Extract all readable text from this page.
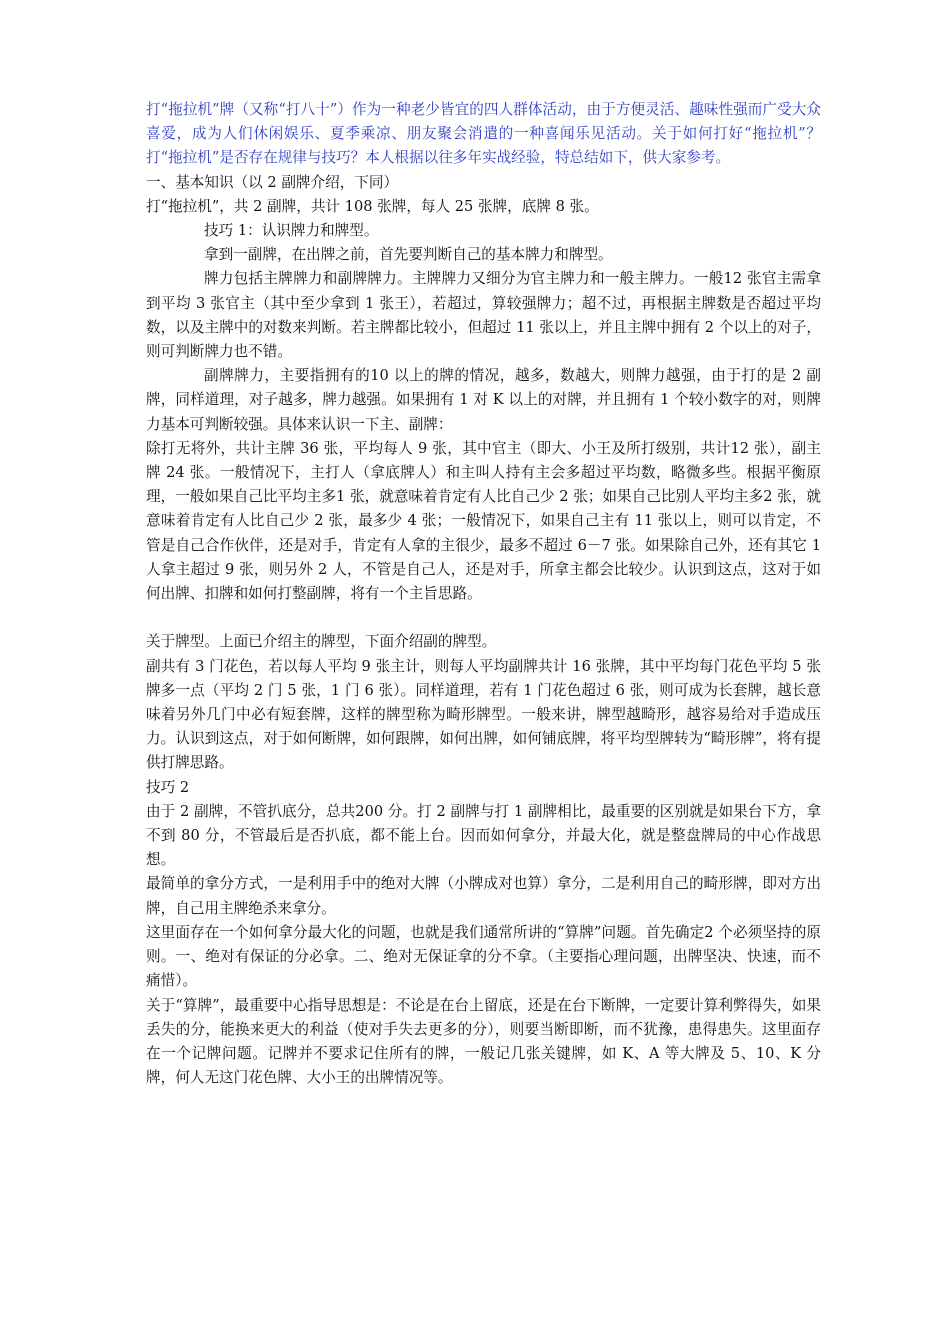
打“拖拉机”牌（又称“打八十”）作为一种老少皆宜的四人群体活动，由于方便灵活、趣味性强而广受大众喜爱，成为人们休闲娱乐、夏季乘凉、朋友聚会消遣的一种喜闻乐见活动。关于如何打好“拖拉机”？打“拖拉机”是否存在规律与技巧？本人根据以往多年实战经验，特总结如下，供大家参考。

一、基本知识（以 2 副牌介绍，下同）

打“拖拉机”，共 2 副牌，共计 108 张牌，每人 25 张牌，底牌 8 张。

技巧 1：认识牌力和牌型。

拿到一副牌，在出牌之前，首先要判断自己的基本牌力和牌型。

牌力包括主牌牌力和副牌牌力。主牌牌力又细分为官主牌力和一般主牌力。一般12 张官主需拿到平均 3 张官主（其中至少拿到 1 张王），若超过，算较强牌力；超不过，再根据主牌数是否超过平均数，以及主牌中的对数来判断。若主牌都比较小，但超过 11 张以上，并且主牌中拥有 2 个以上的对子，则可判断牌力也不错。

副牌牌力，主要指拥有的10 以上的牌的情况，越多，数越大，则牌力越强，由于打的是 2 副牌，同样道理，对子越多，牌力越强。如果拥有 1 对 K 以上的对牌，并且拥有 1 个较小数字的对，则牌力基本可判断较强。具体来认识一下主、副牌：

除打无将外，共计主牌 36 张，平均每人 9 张，其中官主（即大、小王及所打级别，共计12 张），副主牌 24 张。一般情况下，主打人（拿底牌人）和主叫人持有主会多超过平均数，略微多些。根据平衡原理，一般如果自己比平均主多1 张，就意味着肯定有人比自己少 2 张；如果自己比别人平均主多2 张，就意味着肯定有人比自己少 2 张，最多少 4 张；一般情况下，如果自己主有 11 张以上，则可以肯定，不管是自己合作伙伴，还是对手，肯定有人拿的主很少，最多不超过 6－7 张。如果除自己外，还有其它 1 人拿主超过 9 张，则另外 2 人，不管是自己人，还是对手，所拿主都会比较少。认识到这点，这对于如何出牌、扣牌和如何打整副牌，将有一个主旨思路。

关于牌型。上面已介绍主的牌型，下面介绍副的牌型。

副共有 3 门花色，若以每人平均 9 张主计，则每人平均副牌共计 16 张牌，其中平均每门花色平均 5 张牌多一点（平均 2 门 5 张，1 门 6 张）。同样道理，若有 1 门花色超过 6 张，则可成为长套牌，越长意味着另外几门中必有短套牌，这样的牌型称为畸形牌型。一般来讲，牌型越畸形，越容易给对手造成压力。认识到这点，对于如何断牌，如何跟牌，如何出牌，如何铺底牌，将平均型牌转为“畸形牌”，将有提供打牌思路。

技巧 2

由于 2 副牌，不管扒底分，总共200 分。打 2 副牌与打 1 副牌相比，最重要的区别就是如果台下方，拿不到 80 分，不管最后是否扒底，都不能上台。因而如何拿分，并最大化，就是整盘牌局的中心作战思想。

最简单的拿分方式，一是利用手中的绝对大牌（小牌成对也算）拿分，二是利用自己的畸形牌，即对方出牌，自己用主牌绝杀来拿分。

这里面存在一个如何拿分最大化的问题，也就是我们通常所讲的“算牌”问题。首先确定2 个必须坚持的原则。一、绝对有保证的分必拿。二、绝对无保证拿的分不拿。（主要指心理问题，出牌坚决、快速，而不痛惜）。

关于“算牌”，最重要中心指导思想是：不论是在台上留底，还是在台下断牌，一定要计算利弊得失，如果丢失的分，能换来更大的利益（使对手失去更多的分），则要当断即断，而不犹豫，患得患失。这里面存在一个记牌问题。记牌并不要求记住所有的牌，一般记几张关键牌，如 K、A 等大牌及 5、10、K 分牌，何人无这门花色牌、大小王的出牌情况等。
